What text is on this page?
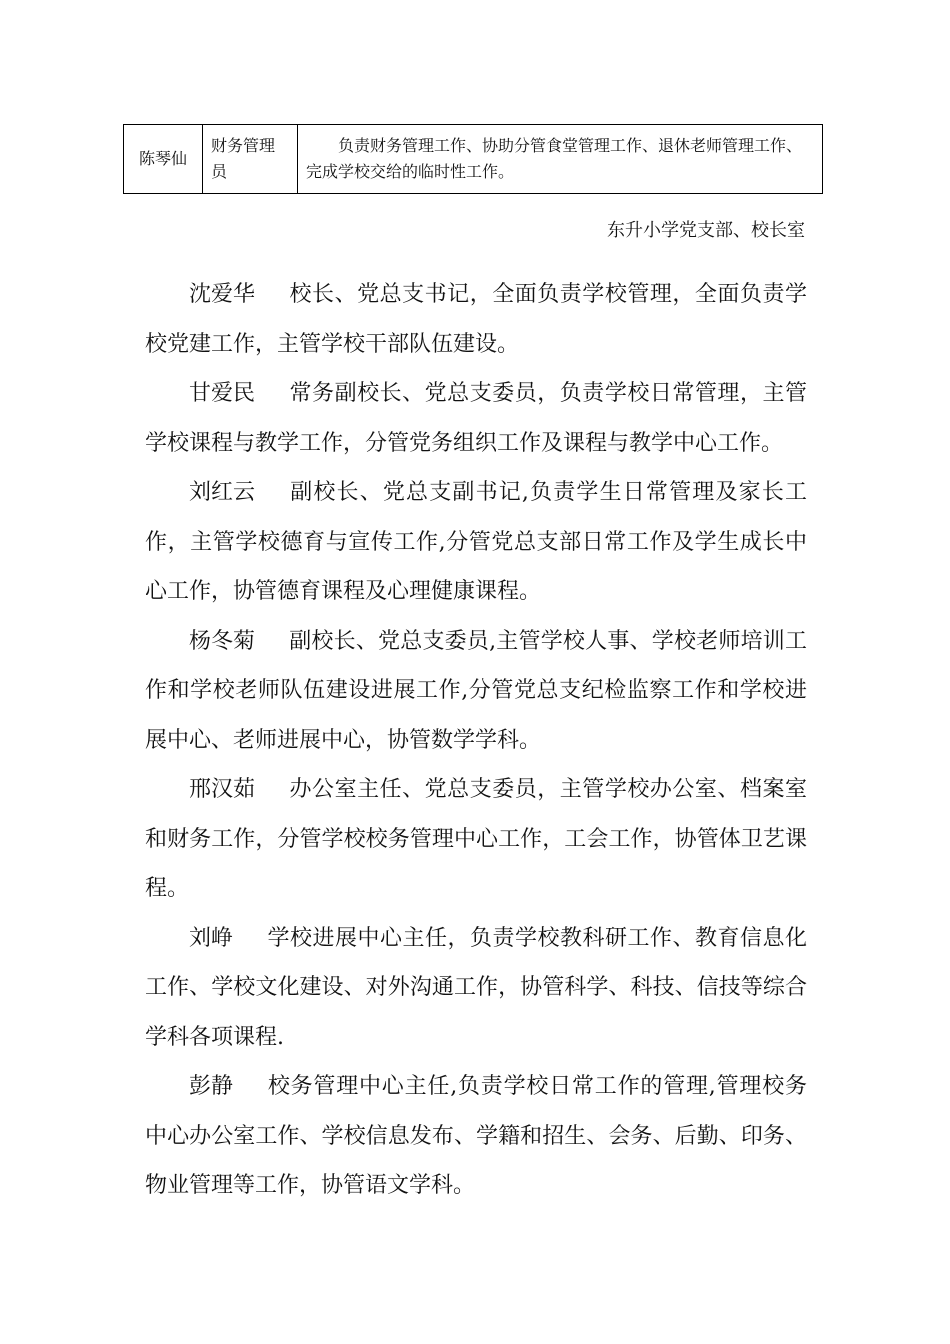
陈琴仙	财务管理员	负责财务管理工作、协助分管食堂管理工作、退休老师管理工作、完成学校交给的临时性工作。
东升小学党支部、校长室

沈爱华 校长、党总支书记，全面负责学校管理，全面负责学校党建工作，主管学校干部队伍建设。

甘爱民 常务副校长、党总支委员，负责学校日常管理，主管学校课程与教学工作，分管党务组织工作及课程与教学中心工作。

刘红云 副校长、党总支副书记,负责学生日常管理及家长工作，主管学校德育与宣传工作,分管党总支部日常工作及学生成长中心工作，协管德育课程及心理健康课程。

杨冬菊 副校长、党总支委员,主管学校人事、学校老师培训工作和学校老师队伍建设进展工作,分管党总支纪检监察工作和学校进展中心、老师进展中心，协管数学学科。

邢汉茹 办公室主任、党总支委员，主管学校办公室、档案室和财务工作，分管学校校务管理中心工作，工会工作，协管体卫艺课程。

刘峥 学校进展中心主任，负责学校教科研工作、教育信息化工作、学校文化建设、对外沟通工作，协管科学、科技、信技等综合学科各项课程.

彭静 校务管理中心主任,负责学校日常工作的管理,管理校务中心办公室工作、学校信息发布、学籍和招生、会务、后勤、印务、物业管理等工作，协管语文学科。
